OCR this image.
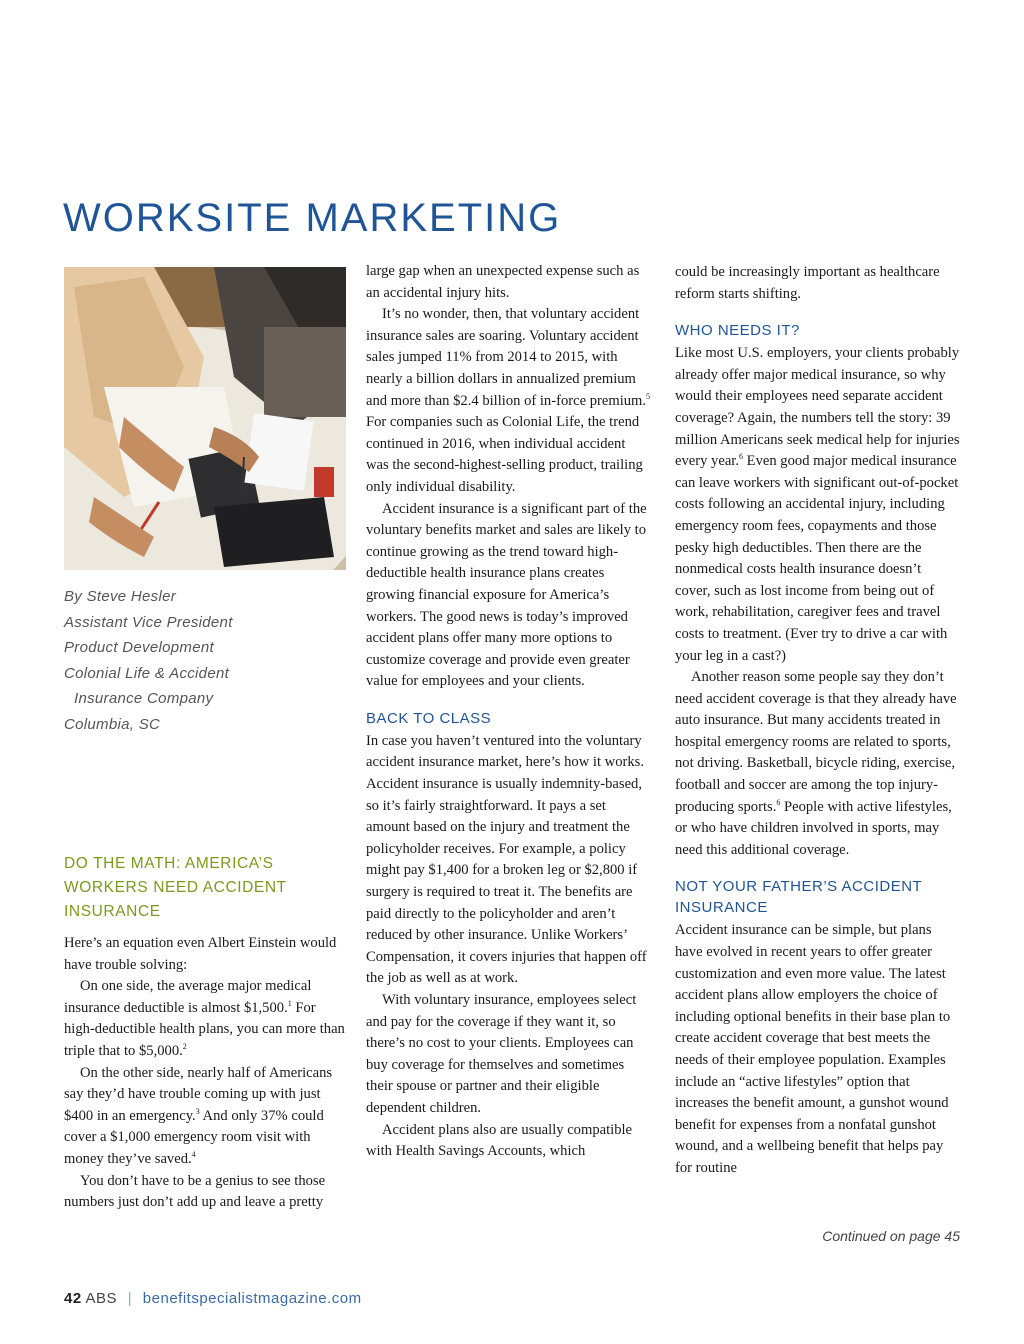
WORKSITE MARKETING
By Steve Hesler
Assistant Vice President
Product Development
Colonial Life & Accident
Insurance Company
Columbia, SC
DO THE MATH: AMERICA’S WORKERS NEED ACCIDENT INSURANCE

Here’s an equation even Albert Einstein would have trouble solving:

On one side, the average major medical insurance deductible is almost $1,500.$^1$ For high-deductible health plans, you can more than triple that to $5,000.$^2$

On the other side, nearly half of Americans say they’d have trouble coming up with just $400 in an emergency.$^3$ And only 37% could cover a $1,000 emergency room visit with money they’ve saved.$^4$

You don’t have to be a genius to see those numbers just don’t add up and leave a pretty

large gap when an unexpected expense such as an accidental injury hits.

It’s no wonder, then, that voluntary accident insurance sales are soaring. Voluntary accident sales jumped 11% from 2014 to 2015, with nearly a billion dollars in annualized premium and more than $2.4 billion of in-force premium.$^5$ For companies such as Colonial Life, the trend continued in 2016, when individual accident was the second-highest-selling product, trailing only individual disability.

Accident insurance is a significant part of the voluntary benefits market and sales are likely to continue growing as the trend toward high-deductible health insurance plans creates growing financial exposure for America’s workers. The good news is today’s improved accident plans offer many more options to customize coverage and provide even greater value for employees and your clients.

BACK TO CLASS

In case you haven’t ventured into the voluntary accident insurance market, here’s how it works. Accident insurance is usually indemnity-based, so it’s fairly straightforward. It pays a set amount based on the injury and treatment the policyholder receives. For example, a policy might pay $1,400 for a broken leg or $2,800 if surgery is required to treat it. The benefits are paid directly to the policyholder and aren’t reduced by other insurance. Unlike Workers’ Compensation, it covers injuries that happen off the job as well as at work.

With voluntary insurance, employees select and pay for the coverage if they want it, so there’s no cost to your clients. Employees can buy coverage for themselves and sometimes their spouse or partner and their eligible dependent children.

Accident plans also are usually compatible with Health Savings Accounts, which

could be increasingly important as healthcare reform starts shifting.

WHO NEEDS IT?

Like most U.S. employers, your clients probably already offer major medical insurance, so why would their employees need separate accident coverage? Again, the numbers tell the story: 39 million Americans seek medical help for injuries every year.$^6$ Even good major medical insurance can leave workers with significant out-of-pocket costs following an accidental injury, including emergency room fees, copayments and those pesky high deductibles. Then there are the nonmedical costs health insurance doesn’t cover, such as lost income from being out of work, rehabilitation, caregiver fees and travel costs to treatment. (Ever try to drive a car with your leg in a cast?)

Another reason some people say they don’t need accident coverage is that they already have auto insurance. But many accidents treated in hospital emergency rooms are related to sports, not driving. Basketball, bicycle riding, exercise, football and soccer are among the top injury-producing sports.$^6$ People with active lifestyles, or who have children involved in sports, may need this additional coverage.

NOT YOUR FATHER’S ACCIDENT INSURANCE

Accident insurance can be simple, but plans have evolved in recent years to offer greater customization and even more value. The latest accident plans allow employers the choice of including optional benefits in their base plan to create accident coverage that best meets the needs of their employee population. Examples include an “active lifestyles” option that increases the benefit amount, a gunshot wound benefit for expenses from a nonfatal gunshot wound, and a wellbeing benefit that helps pay for routine

Continued on page 45
42 ABS | benefitspecialistmagazine.com
